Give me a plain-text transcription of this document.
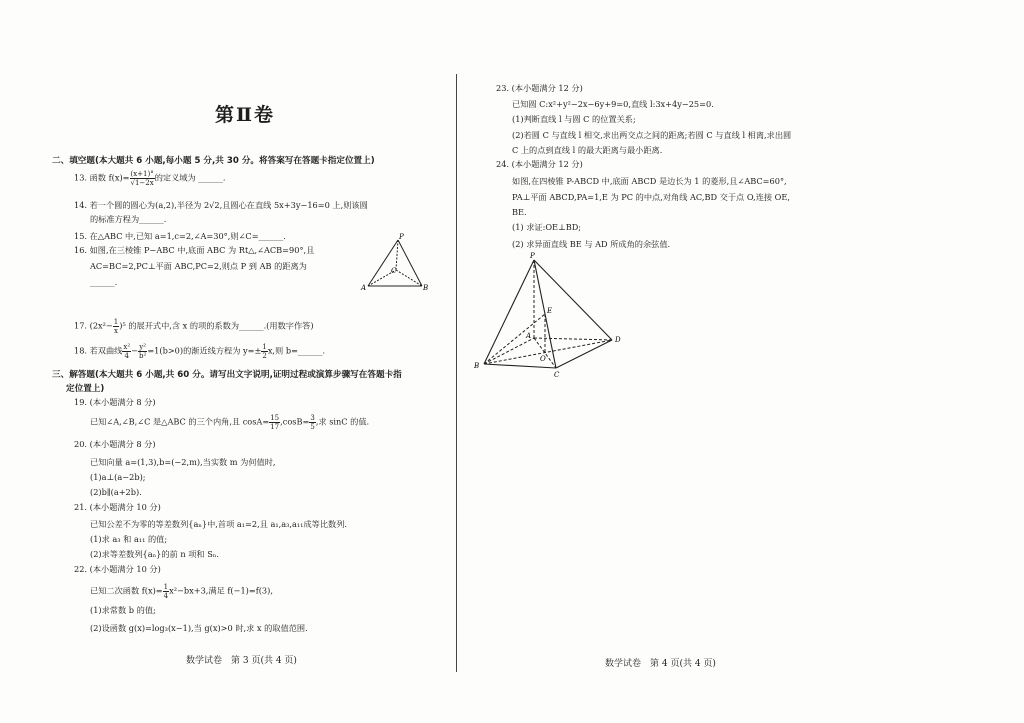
第Ⅱ卷
二、填空题(本大题共 6 小题,每小题 5 分,共 30 分。将答案写在答题卡指定位置上)
13. 函数 $f(x)= \frac{(x+1)^\circ}{√1-2x}$ 的定义域为 ______.
14. 若一个圆的圆心为(a,2),半径为 2√2,且圆心在直线 5x+3y−16=0 上,则该圆
的标准方程为______.
15. 在△ABC 中,已知 a=1,c=2,∠A=30°,则∠C=______.
16. 如图,在三棱锥 P−ABC 中,底面 ABC 为 Rt△,∠ACB=90°,且
AC=BC=2,PC⊥平面 ABC,PC=2,则点 P 到 AB 的距离为
______.
P
A	B
C
17. $(2x^2- \frac{1}{x} )^5$ 的展开式中,含 x 的项的系数为______.(用数字作答)
18. 若双曲线 $\frac{\text{x²}}{4} - \frac{\text{y²}}{\text{b²}} =1(b>0)$的渐近线方程为 $y=\pm \frac{1}{2} x$,则 b=______.
三、解答题(本大题共 6 小题,共 60 分。请写出文字说明,证明过程或演算步骤写在答题卡指
定位置上)
19. (本小题满分 8 分)
已知∠A,∠B,∠C 是△ABC 的三个内角,且 $\cos A= \frac{15}{17} ,\cos B= \frac{3}{5}$ ,求 sinC 的值.
20. (本小题满分 8 分)
已知向量 a=(1,3),b=(−2,m),当实数 m 为何值时,
(1)a⊥(a−2b);
(2)b∥(a+2b).
21. (本小题满分 10 分)
已知公差不为零的等差数列{aₙ}中,首项 a₁=2,且 a₁,a₃,a₁₁成等比数列.
(1)求 a₃ 和 a₁₁ 的值;
(2)求等差数列{aₙ}的前 n 项和 Sₙ.
22. (本小题满分 10 分)
已知二次函数 $f(x)= \frac{1}{4} x^2-bx+3$,满足 f(−1)=f(3),
(1)求常数 b 的值;
(2)设函数 g(x)=log₃(x−1),当 g(x)>0 时,求 x 的取值范围.
数学试卷　第 3 页(共 4 页)
23. (本小题满分 12 分)
已知圆 C:x²+y²−2x−6y+9=0,直线 l:3x+4y−25=0.
(1)判断直线 l 与圆 C 的位置关系;
(2)若圆 C 与直线 l 相交,求出两交点之间的距离;若圆 C 与直线 l 相离,求出圆
C 上的点到直线 l 的最大距离与最小距离.
24. (本小题满分 12 分)
如图,在四棱锥 P-ABCD 中,底面 ABCD 是边长为 1 的菱形,且∠ABC=60°,
PA⊥平面 ABCD,PA=1,E 为 PC 的中点,对角线 AC,BD 交于点 O,连接 OE,
BE.
(1) 求证:OE⊥BD;
(2) 求异面直线 BE 与 AD 所成角的余弦值.
P
B
C
D
A
E
O
数学试卷　第 4 页(共 4 页)
